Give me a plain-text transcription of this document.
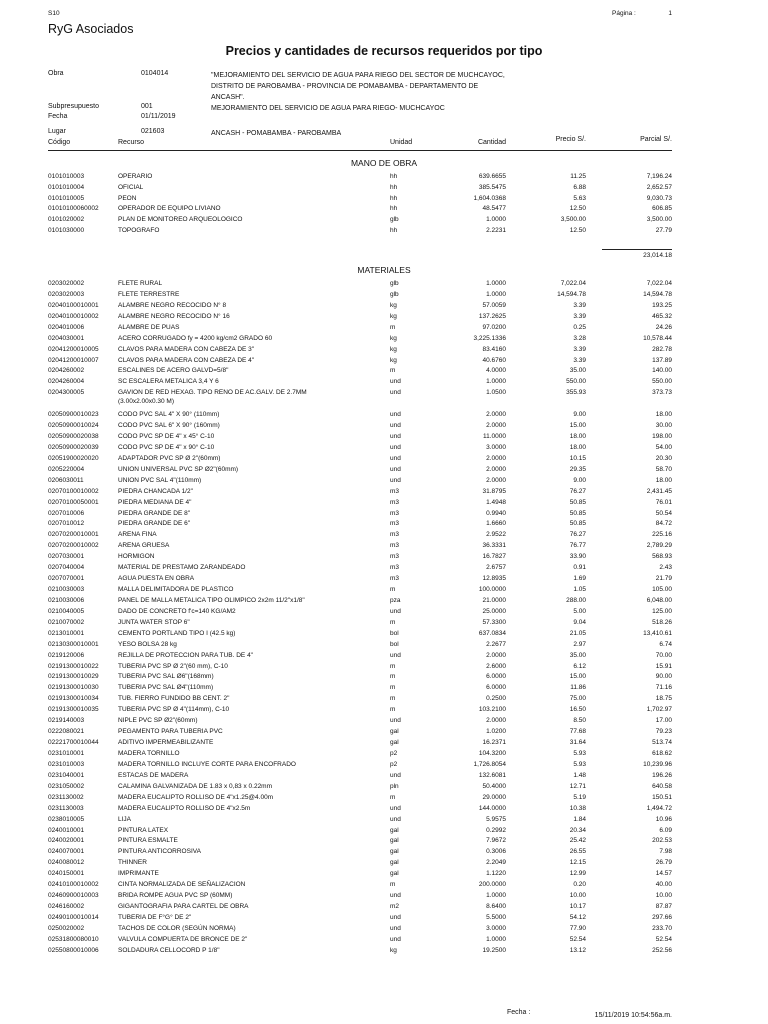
S10	Página :	1
RyG Asociados
Precios y cantidades de recursos requeridos por tipo
Obra	0104014	"MEJORAMIENTO DEL SERVICIO DE AGUA PARA RIEGO DEL SECTOR DE MUCHCAYOC,
DISTRITO DE PAROBAMBA - PROVINCIA DE POMABAMBA - DEPARTAMENTO DE
ANCASH".
Subpresupuesto	001	MEJORAMIENTO DEL SERVICIO DE AGUA PARA RIEGO- MUCHCAYOC
Fecha	01/11/2019
Lugar	021603	ANCASH - POMABAMBA - PAROBAMBA
Código	Recurso	Unidad	Cantidad	Precio S/.	Parcial S/.
MANO DE OBRA
0101010003	OPERARIO	hh	639.6655	11.25	7,196.24
0101010004	OFICIAL	hh	385.5475	6.88	2,652.57
0101010005	PEON	hh	1,604.0368	5.63	9,030.73
01010100060002	OPERADOR DE EQUIPO LIVIANO	hh	48.5477	12.50	606.85
0101020002	PLAN DE MONITOREO ARQUEOLOGICO	glb	1.0000	3,500.00	3,500.00
0101030000	TOPOGRAFO	hh	2.2231	12.50	27.79
23,014.18
MATERIALES
0203020002	FLETE RURAL	glb	1.0000	7,022.04	7,022.04
0203020003	FLETE TERRESTRE	glb	1.0000	14,594.78	14,594.78
02040100010001	ALAMBRE NEGRO RECOCIDO N° 8	kg	57.0059	3.39	193.25
02040100010002	ALAMBRE NEGRO RECOCIDO N° 16	kg	137.2625	3.39	465.32
0204010006	ALAMBRE DE PUAS	m	97.0200	0.25	24.26
0204030001	ACERO CORRUGADO fy = 4200 kg/cm2 GRADO 60	kg	3,225.1336	3.28	10,578.44
02041200010005	CLAVOS PARA MADERA CON CABEZA DE 3"	kg	83.4160	3.39	282.78
02041200010007	CLAVOS PARA MADERA CON CABEZA DE 4"	kg	40.6760	3.39	137.89
0204260002	ESCALINES DE ACERO GALVD=5/8"	m	4.0000	35.00	140.00
0204260004	SC ESCALERA METALICA 3,4 Y 6	und	1.0000	550.00	550.00
0204300005	GAVION DE RED HEXAG. TIPO RENO DE AC.GALV. DE 2.7MM	und	1.0500	355.93	373.73
(3.00x2.00x0.30 M)
02050900010023	CODO PVC SAL 4" X 90° (110mm)	und	2.0000	9.00	18.00
02050900010024	CODO PVC SAL 6" X 90° (160mm)	und	2.0000	15.00	30.00
02050900020038	CODO PVC SP DE 4" x 45° C-10	und	11.0000	18.00	198.00
02050900020039	CODO PVC SP DE 4" x 90° C-10	und	3.0000	18.00	54.00
02051900020020	ADAPTADOR PVC SP Ø 2"(60mm)	und	2.0000	10.15	20.30
0205220004	UNION UNIVERSAL PVC SP Ø2"(60mm)	und	2.0000	29.35	58.70
0206030011	UNION PVC SAL 4"(110mm)	und	2.0000	9.00	18.00
02070100010002	PIEDRA CHANCADA 1/2"	m3	31.8795	76.27	2,431.45
02070100050001	PIEDRA MEDIANA DE 4"	m3	1.4948	50.85	76.01
0207010006	PIEDRA GRANDE DE 8"	m3	0.9940	50.85	50.54
0207010012	PIEDRA GRANDE DE 6"	m3	1.6660	50.85	84.72
02070200010001	ARENA FINA	m3	2.9522	76.27	225.16
02070200010002	ARENA GRUESA	m3	36.3331	76.77	2,789.29
0207030001	HORMIGON	m3	16.7827	33.90	568.93
0207040004	MATERIAL DE PRESTAMO ZARANDEADO	m3	2.6757	0.91	2.43
0207070001	AGUA PUESTA EN OBRA	m3	12.8935	1.69	21.79
0210030003	MALLA DELIMITADORA DE PLASTICO	m	100.0000	1.05	105.00
0210030006	PANEL DE MALLA METALICA TIPO OLIMPICO 2x2m 11/2"x1/8"	pza	21.0000	288.00	6,048.00
0210040005	DADO DE CONCRETO f'c=140 KG/AM2	und	25.0000	5.00	125.00
0210070002	JUNTA WATER STOP 6"	m	57.3300	9.04	518.26
0213010001	CEMENTO PORTLAND TIPO I (42.5 kg)	bol	637.0834	21.05	13,410.61
02130300010001	YESO BOLSA 28 kg	bol	2.2677	2.97	6.74
0219120006	REJILLA DE PROTECCION PARA TUB. DE 4"	und	2.0000	35.00	70.00
02191300010022	TUBERIA PVC SP Ø 2"(60 mm), C-10	m	2.6000	6.12	15.91
02191300010029	TUBERIA PVC SAL Ø6"(168mm)	m	6.0000	15.00	90.00
02191300010030	TUBERIA PVC SAL Ø4"(110mm)	m	6.0000	11.86	71.16
02191300010034	TUB. FIERRO FUNDIDO BB CENT. 2"	m	0.2500	75.00	18.75
02191300010035	TUBERIA PVC SP Ø 4"(114mm), C-10	m	103.2100	16.50	1,702.97
0219140003	NIPLE PVC SP Ø2"(60mm)	und	2.0000	8.50	17.00
0222080021	PEGAMENTO PARA TUBERIA PVC	gal	1.0200	77.68	79.23
02221700010044	ADITIVO IMPERMEABILIZANTE	gal	16.2371	31.64	513.74
0231010001	MADERA TORNILLO	p2	104.3200	5.93	618.62
0231010003	MADERA TORNILLO INCLUYE CORTE PARA ENCOFRADO	p2	1,726.8054	5.93	10,239.96
0231040001	ESTACAS DE MADERA	und	132.6081	1.48	196.26
0231050002	CALAMINA GALVANIZADA DE 1.83 x 0,83 x 0.22mm	pln	50.4000	12.71	640.58
0231130002	MADERA EUCALIPTO ROLLISO DE 4"x1.25@4.00m	m	29.0000	5.19	150.51
0231130003	MADERA EUCALIPTO ROLLISO DE 4"x2.5m	und	144.0000	10.38	1,494.72
0238010005	LIJA	und	5.9575	1.84	10.96
0240010001	PINTURA LATEX	gal	0.2992	20.34	6.09
0240020001	PINTURA ESMALTE	gal	7.9672	25.42	202.53
0240070001	PINTURA ANTICORROSIVA	gal	0.3006	26.55	7.98
0240080012	THINNER	gal	2.2049	12.15	26.79
0240150001	IMPRIMANTE	gal	1.1220	12.99	14.57
02410100010002	CINTA NORMALIZADA DE SEÑALIZACION	m	200.0000	0.20	40.00
02460900010003	BRIDA ROMPE AGUA PVC SP (60MM)	und	1.0000	10.00	10.00
0246160002	GIGANTOGRAFIA PARA CARTEL DE OBRA	m2	8.6400	10.17	87.87
02490100010014	TUBERIA DE F°G° DE 2"	und	5.5000	54.12	297.66
0250020002	TACHOS DE COLOR (SEGÚN NORMA)	und	3.0000	77.90	233.70
02531800080010	VALVULA COMPUERTA DE BRONCE DE 2"	und	1.0000	52.54	52.54
02550800010006	SOLDADURA CELLOCORD P 1/8"	kg	19.2500	13.12	252.56
Fecha :	15/11/2019 10:54:56a.m.
